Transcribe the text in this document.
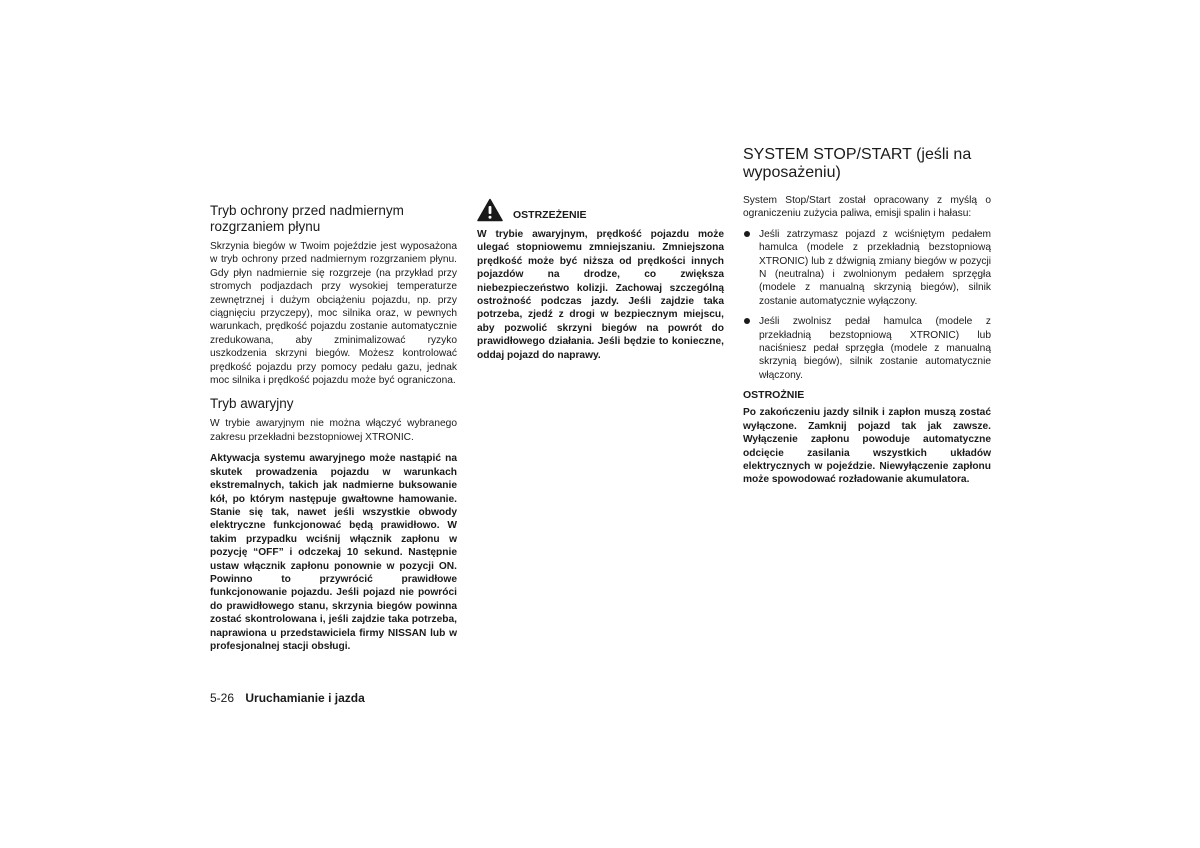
Tryb ochrony przed nadmiernym rozgrzaniem płynu

Skrzynia biegów w Twoim pojeździe jest wyposażona w tryb ochrony przed nadmiernym rozgrzaniem płynu. Gdy płyn nadmiernie się rozgrzeje (na przykład przy stromych podjazdach przy wysokiej temperaturze zewnętrznej i dużym obciążeniu pojazdu, np. przy ciągnięciu przyczepy), moc silnika oraz, w pewnych warunkach, prędkość pojazdu zostanie automatycznie zredukowana, aby zminimalizować ryzyko uszkodzenia skrzyni biegów. Możesz kontrolować prędkość pojazdu przy pomocy pedału gazu, jednak moc silnika i prędkość pojazdu może być ograniczona.

Tryb awaryjny

W trybie awaryjnym nie można włączyć wybranego zakresu przekładni bezstopniowej XTRONIC.

Aktywacja systemu awaryjnego może nastąpić na skutek prowadzenia pojazdu w warunkach ekstremalnych, takich jak nadmierne buksowanie kół, po którym następuje gwałtowne hamowanie. Stanie się tak, nawet jeśli wszystkie obwody elektryczne funkcjonować będą prawidłowo. W takim przypadku wciśnij włącznik zapłonu w pozycję “OFF” i odczekaj 10 sekund. Następnie ustaw włącznik zapłonu ponownie w pozycji ON. Powinno to przywrócić prawidłowe funkcjonowanie pojazdu. Jeśli pojazd nie powróci do prawidłowego stanu, skrzynia biegów powinna zostać skontrolowana i, jeśli zajdzie taka potrzeba, naprawiona u przedstawiciela firmy NISSAN lub w profesjonalnej stacji obsługi.

OSTRZEŻENIE

W trybie awaryjnym, prędkość pojazdu może ulegać stopniowemu zmniejszaniu. Zmniejszona prędkość może być niższa od prędkości innych pojazdów na drodze, co zwiększa niebezpieczeństwo kolizji. Zachowaj szczególną ostrożność podczas jazdy. Jeśli zajdzie taka potrzeba, zjedź z drogi w bezpiecznym miejscu, aby pozwolić skrzyni biegów na powrót do prawidłowego działania. Jeśli będzie to konieczne, oddaj pojazd do naprawy.

SYSTEM STOP/START (jeśli na wyposażeniu)

System Stop/Start został opracowany z myślą o ograniczeniu zużycia paliwa, emisji spalin i hałasu:

Jeśli zatrzymasz pojazd z wciśniętym pedałem hamulca (modele z przekładnią bezstopniową XTRONIC) lub z dźwignią zmiany biegów w pozycji N (neutralna) i zwolnionym pedałem sprzęgła (modele z manualną skrzynią biegów), silnik zostanie automatycznie wyłączony.
Jeśli zwolnisz pedał hamulca (modele z przekładnią bezstopniową XTRONIC) lub naciśniesz pedał sprzęgła (modele z manualną skrzynią biegów), silnik zostanie automatycznie włączony.
OSTROŻNIE

Po zakończeniu jazdy silnik i zapłon muszą zostać wyłączone. Zamknij pojazd tak jak zawsze. Wyłączenie zapłonu powoduje automatyczne odcięcie zasilania wszystkich układów elektrycznych w pojeździe. Niewyłączenie zapłonu może spowodować rozładowanie akumulatora.

5-26 Uruchamianie i jazda
